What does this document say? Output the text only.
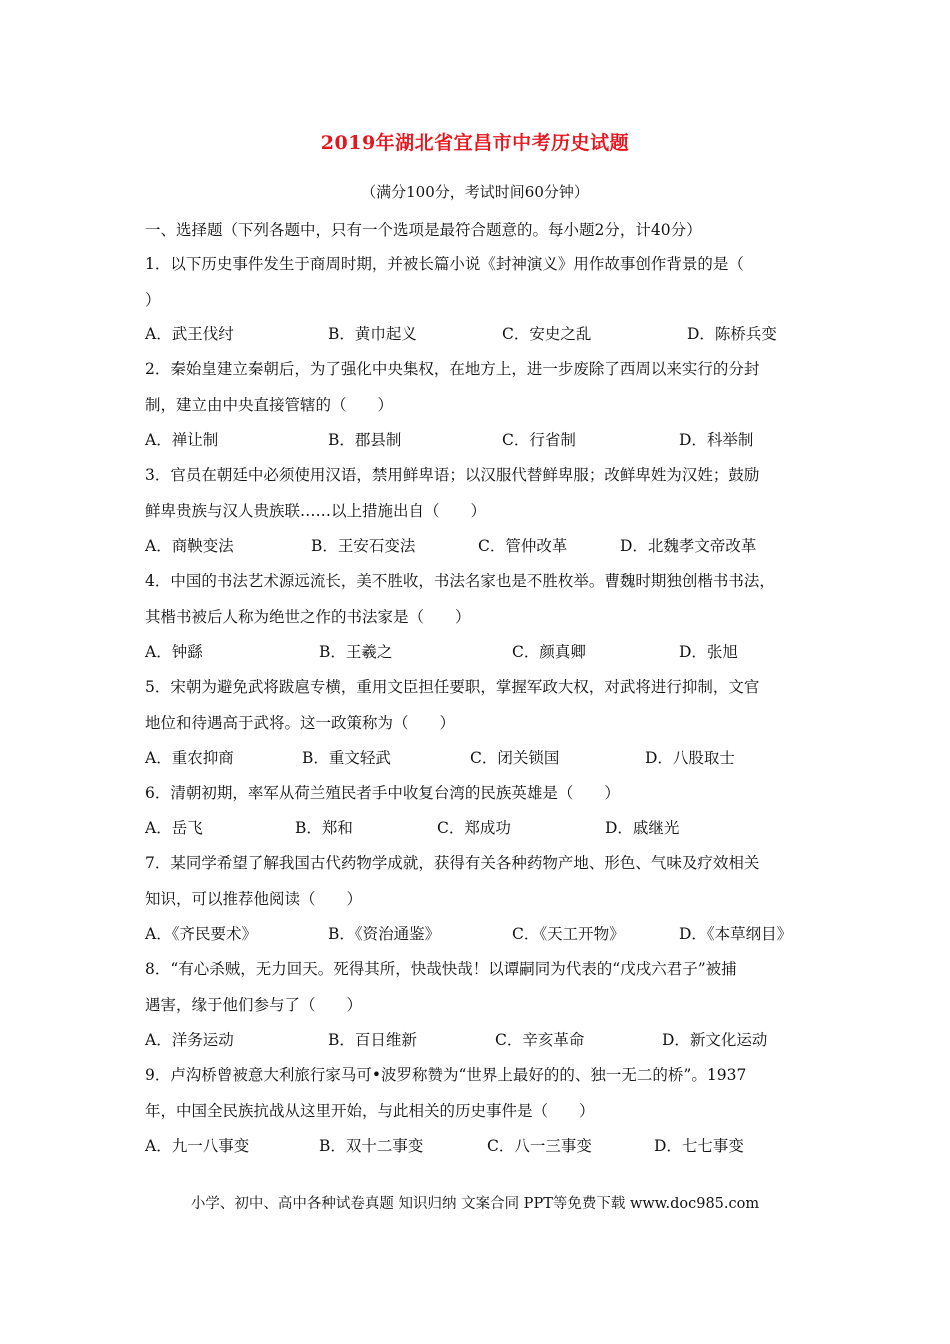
2019年湖北省宜昌市中考历史试题
（满分100分，考试时间60分钟）
一、选择题（下列各题中，只有一个选项是最符合题意的。每小题2分，计40分）
1．以下历史事件发生于商周时期，并被长篇小说《封神演义》用作故事创作背景的是（
）
A．武王伐纣	B．黄巾起义	C．安史之乱	D．陈桥兵变
2．秦始皇建立秦朝后，为了强化中央集权，在地方上，进一步废除了西周以来实行的分封
制，建立由中央直接管辖的（　　）
A．禅让制	B．郡县制	C．行省制	D．科举制
3．官员在朝廷中必须使用汉语，禁用鲜卑语；以汉服代替鲜卑服；改鲜卑姓为汉姓；鼓励
鲜卑贵族与汉人贵族联……以上措施出自（　　）
A．商鞅变法	B．王安石变法	C．管仲改革	D．北魏孝文帝改革
4．中国的书法艺术源远流长，美不胜收，书法名家也是不胜枚举。曹魏时期独创楷书书法，
其楷书被后人称为绝世之作的书法家是（　　）
A．钟繇	B．王羲之	C．颜真卿	D．张旭
5．宋朝为避免武将跋扈专横，重用文臣担任要职，掌握军政大权，对武将进行抑制，文官
地位和待遇高于武将。这一政策称为（　　）
A．重农抑商	B．重文轻武	C．闭关锁国	D．八股取士
6．清朝初期，率军从荷兰殖民者手中收复台湾的民族英雄是（　　）
A．岳飞	B．郑和	C．郑成功	D．戚继光
7．某同学希望了解我国古代药物学成就，获得有关各种药物产地、形色、气味及疗效相关
知识，可以推荐他阅读（　　）
A．《齐民要术》	B．《资治通鉴》	C．《天工开物》	D．《本草纲目》
8．“有心杀贼，无力回天。死得其所，快哉快哉！以谭嗣同为代表的“戊戌六君子”被捕
遇害，缘于他们参与了（　　）
A．洋务运动	B．百日维新	C．辛亥革命	D．新文化运动
9．卢沟桥曾被意大利旅行家马可•波罗称赞为“世界上最好的的、独一无二的桥”。1937
年，中国全民族抗战从这里开始，与此相关的历史事件是（　　）
A．九一八事变	B．双十二事变	C．八一三事变	D．七七事变
小学、初中、高中各种试卷真题 知识归纳 文案合同 PPT等免费下载 www.doc985.com
